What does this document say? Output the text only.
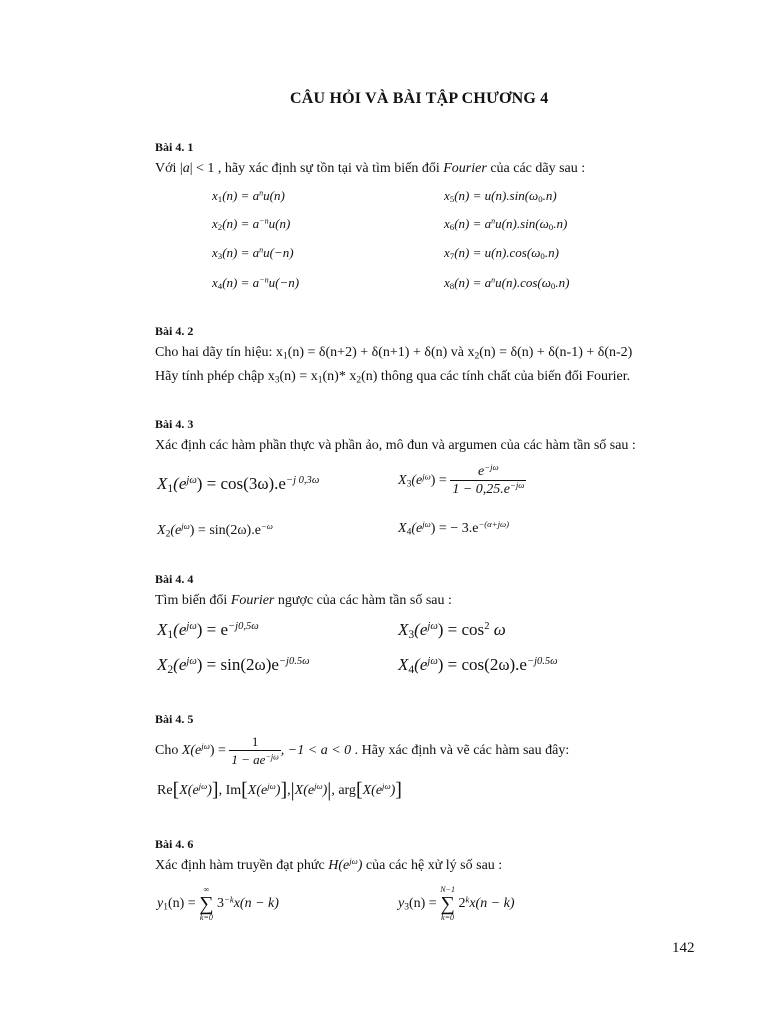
CÂU HỎI VÀ BÀI TẬP CHƯƠNG 4
Bài 4. 1
Với |a| < 1 , hãy xác định sự tồn tại và tìm biến đổi Fourier của các dãy sau :
$x_1(n) = a^nu(n)$
$x_2(n) = a^{-n}u(n)$
$x_3(n) = a^nu(-n)$
$x_4(n) = a^{-n}u(-n)$
$x_5(n) = u(n).\sin(\omega_0.n)$
$x_6(n) = a^nu(n).\sin(\omega_0.n)$
$x_7(n) = u(n).\cos(\omega_0.n)$
$x_8(n) = a^nu(n).\cos(\omega_0.n)$
Bài 4. 2
Cho hai dãy tín hiệu: $x_1(n) = \delta(n+2) + \delta(n+1) + \delta(n)$ và $x_2(n) = \delta(n) + \delta(n-1) + \delta(n-2)$
Hãy tính phép chập $x_3(n) = x_1(n)*$ $x_2(n)$ thông qua các tính chất của biến đổi Fourier.
Bài 4. 3
Xác định các hàm phần thực và phần ảo, mô đun và argumen của các hàm tần số sau :
$X_1(e^{j\omega}) = \cos(3\omega).e^{-j 0,3\omega}$
$X_2(e^{j\omega}) = \sin(2\omega).e^{-\omega}$
$X_3(e^{j\omega}) = \frac{e^{-j\omega}}{1 - 0,25.e^{-j\omega}}$
$X_4(e^{j\omega})$ = − $3.e^{-(\alpha+j\omega)}$
Bài 4. 4
Tìm biến đổi Fourier ngược của các hàm tần số sau :
$X_1(e^{j\omega}) = e^{-j0,5\omega}$
$X_2(e^{j\omega}) = \sin(2\omega)e^{-j0.5\omega}$
$X_3(e^{j\omega}) = \cos^2 \omega$
$X_4(e^{j\omega}) = \cos(2\omega).e^{-j0.5\omega}$
Bài 4. 5
Cho $X(e^{j\omega}) = \frac{1}{1 - ae^{-j\omega}}$ , −1 < a < 0 . Hãy xác định và vẽ các hàm sau đây:
$Re[X(e^{j\omega})]$, $Im[X(e^{j\omega})],|X(e^{j\omega})|$, $arg[X(e^{j\omega})]$
Bài 4. 6
Xác định hàm truyền đạt phức $H(e^{j\omega})$ của các hệ xử lý số sau :
$y_1(n)$ =
∞
∑
k=0
$3^{-k}x(n - k)$	$y_3(n)$ =
N−1
∑
k=0
$2^kx(n - k)$
142
